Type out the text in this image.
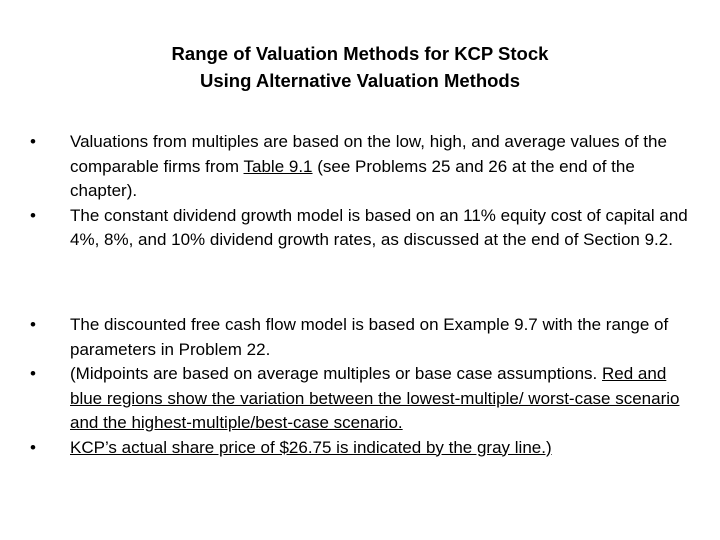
Range of Valuation Methods for KCP Stock
Using Alternative Valuation Methods

• Valuations from multiples are based on the low, high, and average values of the comparable firms from Table 9.1 (see Problems 25 and 26 at the end of the chapter).

• The constant dividend growth model is based on an 11% equity cost of capital and 4%, 8%, and 10% dividend growth rates, as discussed at the end of Section 9.2.

• The discounted free cash flow model is based on Example 9.7 with the range of parameters in Problem 22.

• (Midpoints are based on average multiples or base case assumptions. Red and blue regions show the variation between the lowest-multiple/ worst-case scenario and the highest-multiple/best-case scenario.

• KCP’s actual share price of $26.75 is indicated by the gray line.)
